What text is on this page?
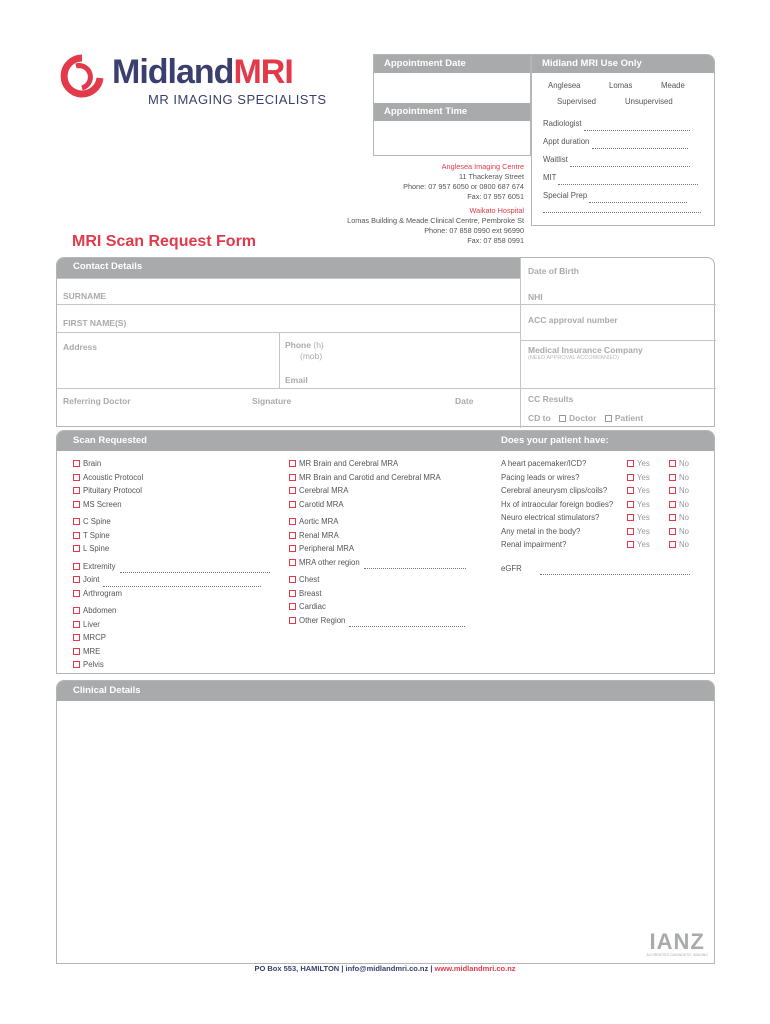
MidlandMRI
MR IMAGING SPECIALISTS
Appointment Date
Appointment Time
Midland MRI Use Only
Anglesea	Lomas	Meade
Supervised	Unsupervised
Radiologist
Appt duration
Waitlist
MIT
Special Prep
Anglesea Imaging Centre
11 Thackeray Street
Phone: 07 957 6050 or 0800 687 674
Fax: 07 957 6051
Waikato Hospital
Lomas Building & Meade Clinical Centre, Pembroke St
Phone: 07 858 0990 ext 96990
Fax: 07 858 0991
MRI Scan Request Form
Contact Details
SURNAME
FIRST NAME(S)
Address	Phone (h)
(mob)
Email
Referring Doctor	Signature	Date
Date of Birth
NHI
ACC approval number
Medical Insurance Company
(NEED APPROVAL ACCOMPANIED)
CC Results
CD to Doctor Patient
Scan Requested	Does your patient have:
Brain
Acoustic Protocol
Pituitary Protocol
MS Screen
C Spine
T Spine
L Spine
Extremity
Joint
Arthrogram
Abdomen
Liver
MRCP
MRE
Pelvis
MR Brain and Cerebral MRA
MR Brain and Carotid and Cerebral MRA
Cerebral MRA
Carotid MRA
Aortic MRA
Renal MRA
Peripheral MRA
MRA other region
Chest
Breast
Cardiac
Other Region
A heart pacemaker/ICD?	Yes	No
Pacing leads or wires?	Yes	No
Cerebral aneurysm clips/coils?	Yes	No
Hx of intraocular foreign bodies?	Yes	No
Neuro electrical stimulators?	Yes	No
Any metal in the body?	Yes	No
Renal impairment?	Yes	No
eGFR
Clinical Details
IANZ
ACCREDITED DIAGNOSTIC IMAGING
PO Box 553, HAMILTON | info@midlandmri.co.nz | www.midlandmri.co.nz
